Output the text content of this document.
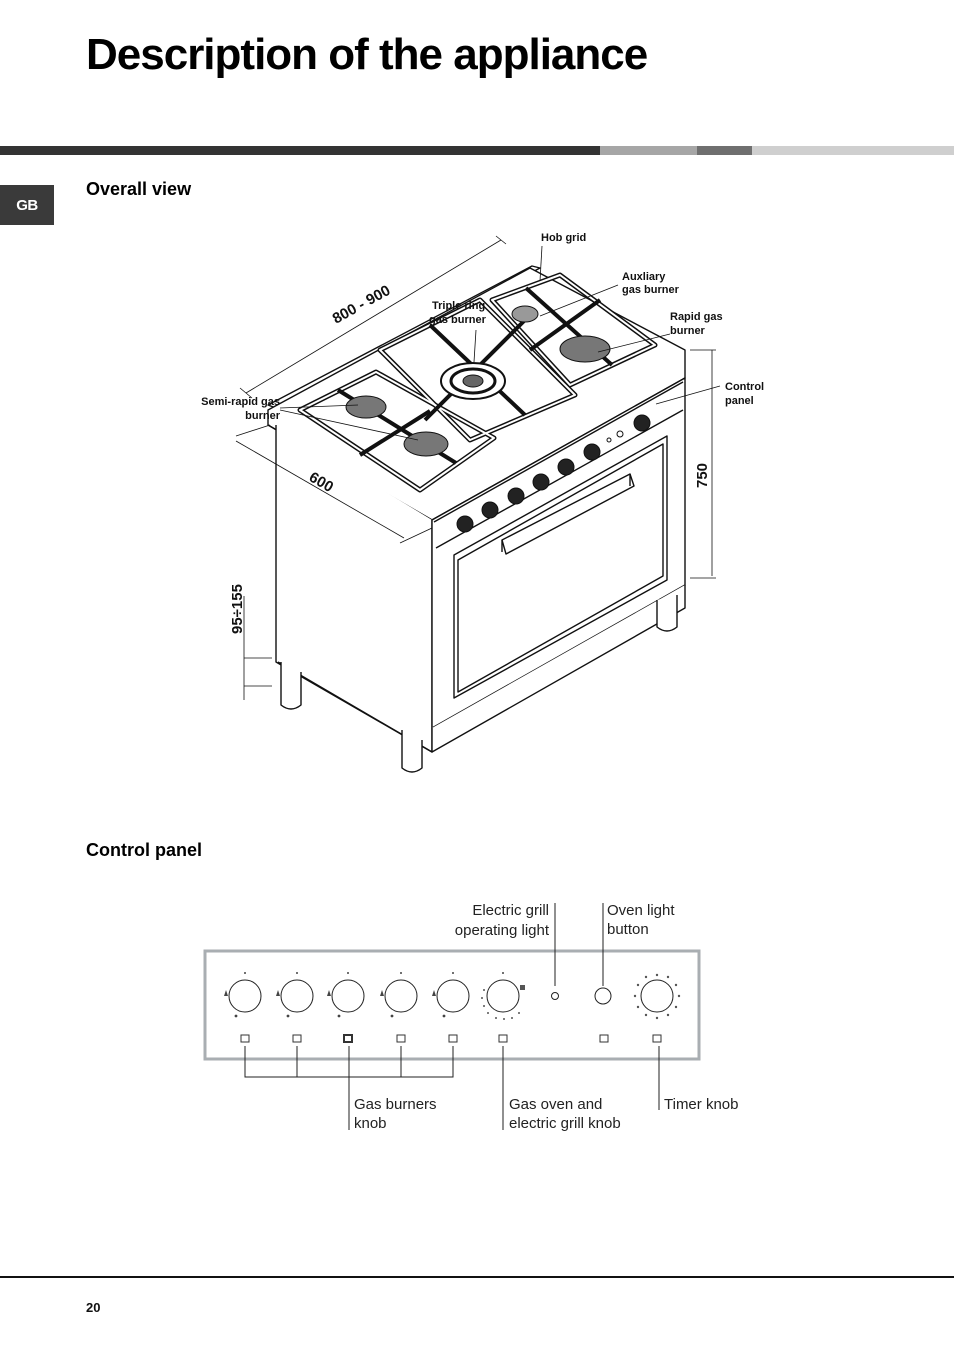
Description of the appliance
GB
Overall view
800 - 900
600	750
95÷155
Hob grid
Auxliary
gas burner
Triple ring
gas burner	Rapid gas
burner
Semi-rapid gas
burner
Control
panel
Control panel
Electric grill
operating light
Oven light
button
Gas burners
knob
Gas oven and
electric grill knob
Timer knob
20
